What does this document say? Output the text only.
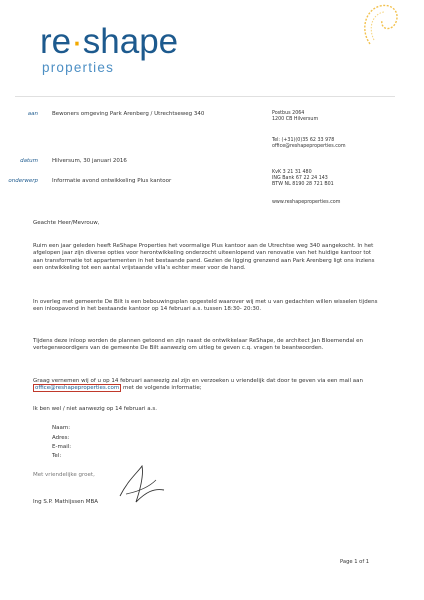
re·shape
properties
aan	Bewoners omgeving Park Arenberg / Utrechtseweg 340
datum	Hilversum, 30 januari 2016
onderwerp	Informatie avond ontwikkeling Plus kantoor
Postbus 2064
1200 CB Hilversum
Tel: (+31)(0)35 62 33 978
office@reshapeproperties.com
KvK 3 21 31 480
ING Bank 67 22 24 143
BTW NL 8190 28 721 B01
www.reshapeproperties.com
Geachte Heer/Mevrouw,

Ruim een jaar geleden heeft ReShape Properties het voormalige Plus kantoor aan de Utrechtse weg 340 aangekocht. In het afgelopen jaar zijn diverse opties voor herontwikkeling onderzocht uiteenlopend van renovatie van het huidige kantoor tot aan transformatie tot appartementen in het bestaande pand. Gezien de ligging grenzend aan Park Arenberg ligt ons inziens een ontwikkeling tot een aantal vrijstaande villa’s echter meer voor de hand.

In overleg met gemeente De Bilt is een bebouwingsplan opgesteld waarover wij met u van gedachten willen wisselen tijdens een inloopavond in het bestaande kantoor op 14 februari a.s. tussen 18:30- 20:30.

Tijdens deze inloop worden de plannen getoond en zijn naast de ontwikkelaar ReShape, de architect Jan Bloemendal en vertegenwoordigers van de gemeente De Bilt aanwezig om uitleg te geven c.q. vragen te beantwoorden.

Graag vernemen wij of u op 14 februari aanwezig zal zijn en verzoeken u vriendelijk dat door te geven via een mail aan office@reshapeproperties.com met de volgende informatie;

Ik ben wel / niet aanwezig op 14 februari a.s.
Naam:
Adres:
E-mail:
Tel:
Met vriendelijke groet,
Ing S.P. Mathijssen MBA
Page 1 of 1
